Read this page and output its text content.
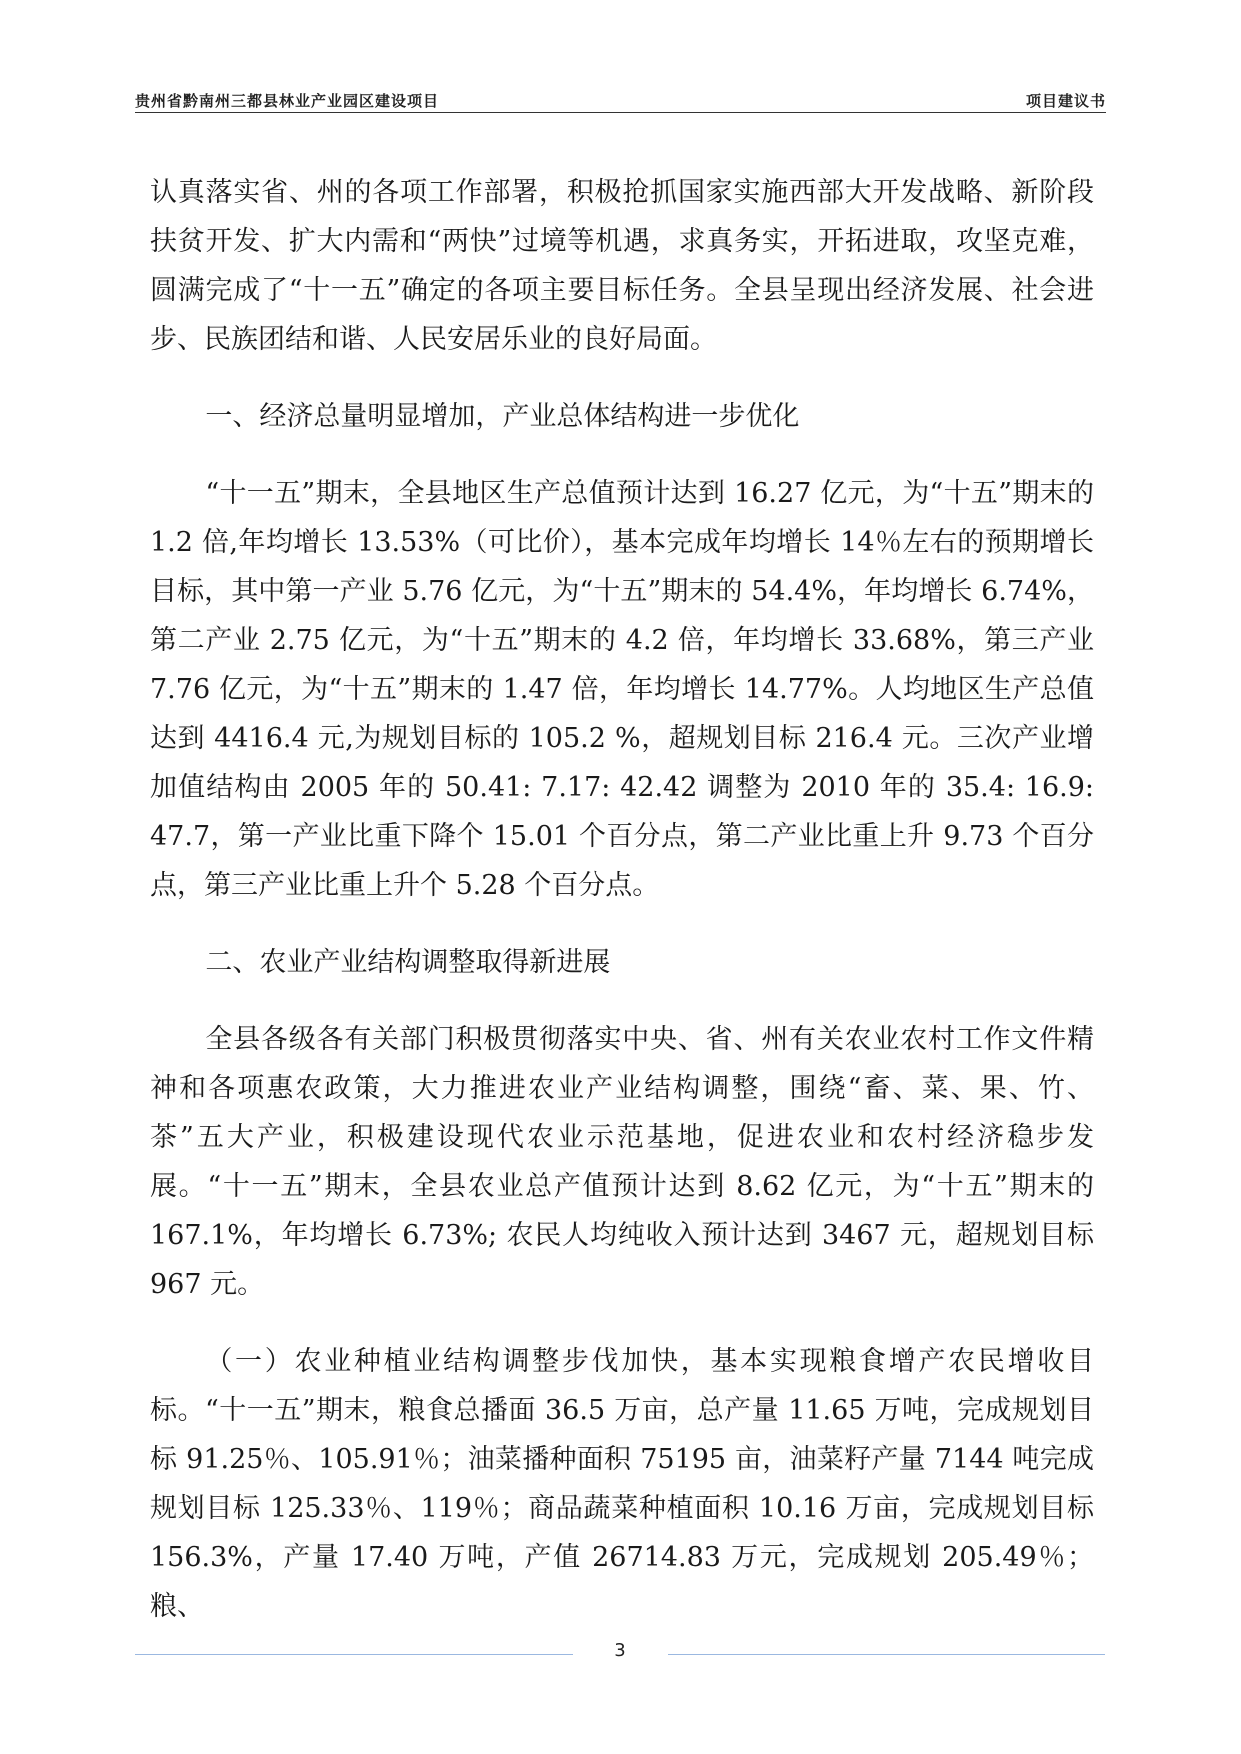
贵州省黔南州三都县林业产业园区建设项目	项目建议书

认真落实省、州的各项工作部署，积极抢抓国家实施西部大开发战略、新阶段扶贫开发、扩大内需和“两快”过境等机遇，求真务实，开拓进取，攻坚克难，圆满完成了“十一五”确定的各项主要目标任务。全县呈现出经济发展、社会进步、民族团结和谐、人民安居乐业的良好局面。

一、经济总量明显增加，产业总体结构进一步优化

“十一五”期末，全县地区生产总值预计达到 16.27 亿元，为“十五”期末的 1.2 倍,年均增长 13.53%（可比价），基本完成年均增长 14％左右的预期增长目标，其中第一产业 5.76 亿元，为“十五”期末的 54.4%，年均增长 6.74%，第二产业 2.75 亿元，为“十五”期末的 4.2 倍，年均增长 33.68%，第三产业 7.76 亿元，为“十五”期末的 1.47 倍，年均增长 14.77%。人均地区生产总值达到 4416.4 元,为规划目标的 105.2 %，超规划目标 216.4 元。三次产业增加值结构由 2005 年的 50.41: 7.17: 42.42 调整为 2010 年的 35.4: 16.9: 47.7，第一产业比重下降个 15.01 个百分点，第二产业比重上升 9.73 个百分点，第三产业比重上升个 5.28 个百分点。

二、农业产业结构调整取得新进展

全县各级各有关部门积极贯彻落实中央、省、州有关农业农村工作文件精神和各项惠农政策，大力推进农业产业结构调整，围绕“畜、菜、果、竹、茶”五大产业，积极建设现代农业示范基地，促进农业和农村经济稳步发展。“十一五”期末，全县农业总产值预计达到 8.62 亿元，为“十五”期末的 167.1%，年均增长 6.73%; 农民人均纯收入预计达到 3467 元，超规划目标 967 元。

（一）农业种植业结构调整步伐加快，基本实现粮食增产农民增收目标。“十一五”期末，粮食总播面 36.5 万亩，总产量 11.65 万吨，完成规划目标 91.25％、105.91％；油菜播种面积 75195 亩，油菜籽产量 7144 吨完成规划目标 125.33％、119％；商品蔬菜种植面积 10.16 万亩，完成规划目标 156.3%，产量 17.40 万吨，产值 26714.83 万元，完成规划 205.49％；粮、

3
